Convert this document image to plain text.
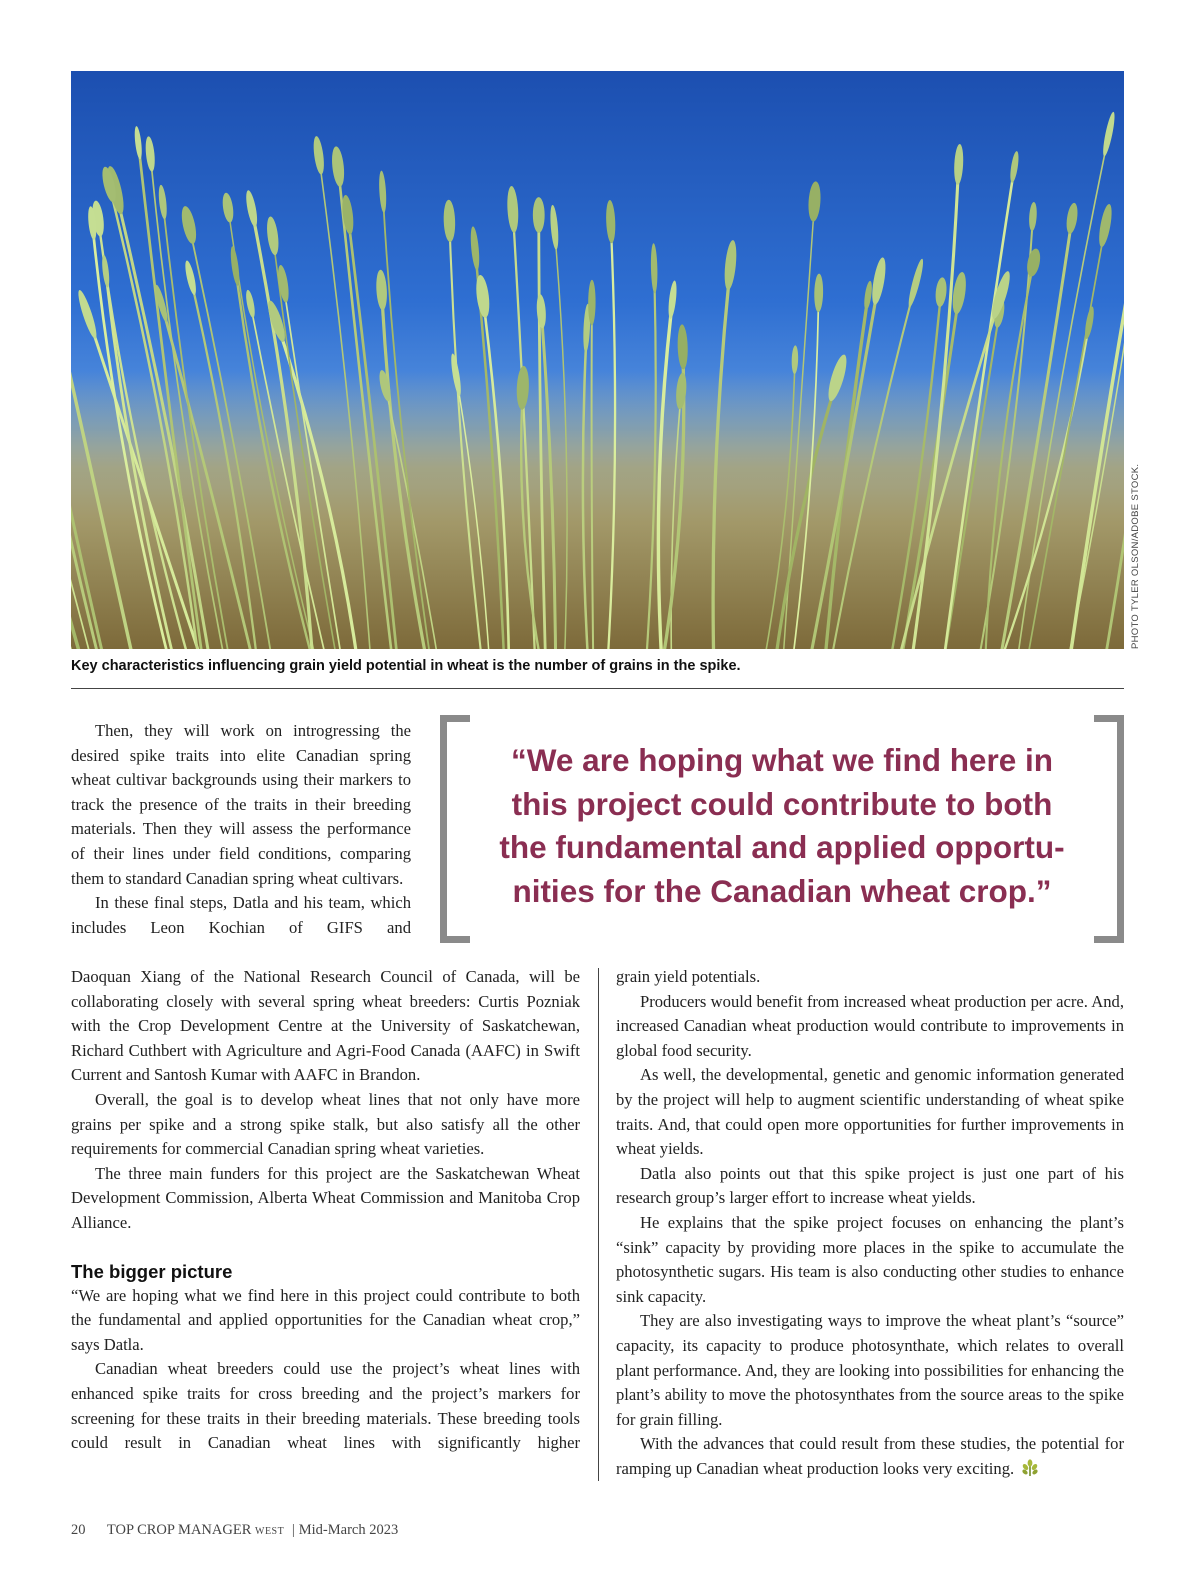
PHOTO TYLER OLSON/ADOBE STOCK.
Key characteristics influencing grain yield potential in wheat is the number of grains in the spike.

Then, they will work on introgressing the desired spike traits into elite Canadian spring wheat cultivar backgrounds using their markers to track the presence of the traits in their breeding materials. Then they will assess the performance of their lines under field conditions, comparing them to standard Canadian spring wheat cultivars.

In these final steps, Datla and his team, which includes Leon Kochian of GIFS and

“We are hoping what we find here in
this project could contribute to both
the fundamental and applied opportu-
nities for the Canadian wheat crop.”

Daoquan Xiang of the National Research Council of Canada, will be collaborating closely with several spring wheat breeders: Curtis Pozniak with the Crop Development Centre at the University of Saskatchewan, Richard Cuthbert with Agriculture and Agri-Food Canada (AAFC) in Swift Current and Santosh Kumar with AAFC in Brandon.

Overall, the goal is to develop wheat lines that not only have more grains per spike and a strong spike stalk, but also satisfy all the other requirements for commercial Canadian spring wheat varieties.

The three main funders for this project are the Saskatchewan Wheat Development Commission, Alberta Wheat Commission and Manitoba Crop Alliance.

The bigger picture

“We are hoping what we find here in this project could contribute to both the fundamental and applied opportunities for the Canadian wheat crop,” says Datla.

Canadian wheat breeders could use the project’s wheat lines with enhanced spike traits for cross breeding and the project’s markers for screening for these traits in their breeding materials. These breeding tools could result in Canadian wheat lines with significantly higher

grain yield potentials.

Producers would benefit from increased wheat production per acre. And, increased Canadian wheat production would contribute to improvements in global food security.

As well, the developmental, genetic and genomic information generated by the project will help to augment scientific understanding of wheat spike traits. And, that could open more opportunities for further improvements in wheat yields.

Datla also points out that this spike project is just one part of his research group’s larger effort to increase wheat yields.

He explains that the spike project focuses on enhancing the plant’s “sink” capacity by providing more places in the spike to accumulate the photosynthetic sugars. His team is also conducting other studies to enhance sink capacity.

They are also investigating ways to improve the wheat plant’s “source” capacity, its capacity to produce photosynthate, which relates to overall plant performance. And, they are looking into possibilities for enhancing the plant’s ability to move the photosynthates from the source areas to the spike for grain filling.

With the advances that could result from these studies, the potential for ramping up Canadian wheat production looks very exciting.

20 TOP CROP MANAGER WEST | Mid-March 2023
